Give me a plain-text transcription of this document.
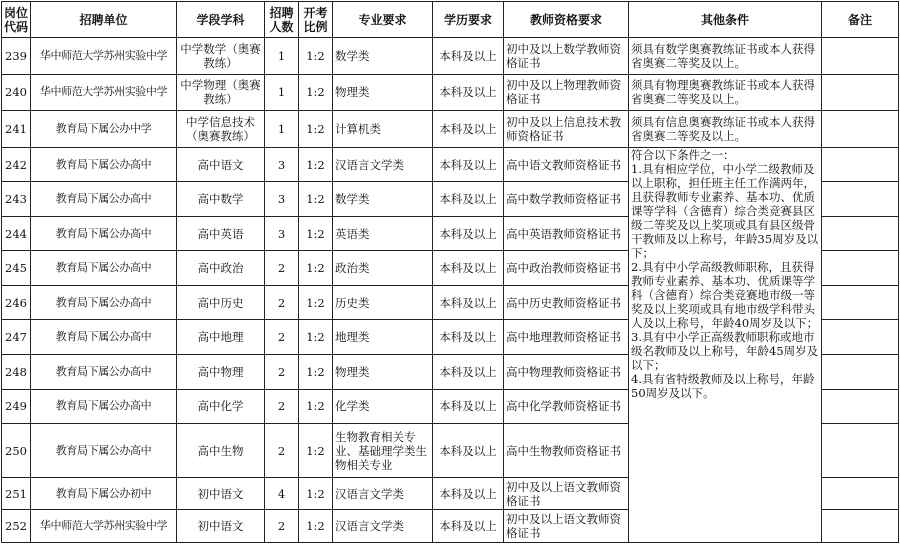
岗位代码	招聘单位	学段学科	招聘人数	开考比例	专业要求	学历要求	教师资格要求	其他条件	备注
239	华中师范大学苏州实验中学	中学数学（奥赛教练）	1	1:2	数学类	本科及以上	初中及以上数学教师资格证书	须具有数学奥赛教练证书或本人获得省奥赛二等奖及以上。	
240	华中师范大学苏州实验中学	中学物理（奥赛教练）	1	1:2	物理类	本科及以上	初中及以上物理教师资格证书	须具有物理奥赛教练证书或本人获得省奥赛二等奖及以上。	
241	教育局下属公办中学	中学信息技术（奥赛教练）	1	1:2	计算机类	本科及以上	初中及以上信息技术教师资格证书	须具有信息奥赛教练证书或本人获得省奥赛二等奖及以上。	
242	教育局下属公办高中	高中语文	3	1:2	汉语言文学类	本科及以上	高中语文教师资格证书	符合以下条件之一：
1.具有相应学位，中小学二级教师及以上职称，担任班主任工作满两年，且获得教师专业素养、基本功、优质课等学科（含德育）综合类竞赛县区级二等奖及以上奖项或具有县区级骨干教师及以上称号，年龄35周岁及以下；
2.具有中小学高级教师职称，且获得教师专业素养、基本功、优质课等学科（含德育）综合类竞赛地市级一等奖及以上奖项或具有地市级学科带头人及以上称号，年龄40周岁及以下；
3.具有中小学正高级教师职称或地市级名教师及以上称号，年龄45周岁及以下；
4.具有省特级教师及以上称号，年龄50周岁及以下。	
243	教育局下属公办高中	高中数学	3	1:2	数学类	本科及以上	高中数学教师资格证书		
244	教育局下属公办高中	高中英语	3	1:2	英语类	本科及以上	高中英语教师资格证书		
245	教育局下属公办高中	高中政治	2	1:2	政治类	本科及以上	高中政治教师资格证书		
246	教育局下属公办高中	高中历史	2	1:2	历史类	本科及以上	高中历史教师资格证书		
247	教育局下属公办高中	高中地理	2	1:2	地理类	本科及以上	高中地理教师资格证书		
248	教育局下属公办高中	高中物理	2	1:2	物理类	本科及以上	高中物理教师资格证书		
249	教育局下属公办高中	高中化学	2	1:2	化学类	本科及以上	高中化学教师资格证书		
250	教育局下属公办高中	高中生物	2	1:2	生物教育相关专业、基础理学类生物相关专业	本科及以上	高中生物教师资格证书		
251	教育局下属公办初中	初中语文	4	1:2	汉语言文学类	本科及以上	初中及以上语文教师资格证书		
252	华中师范大学苏州实验中学	初中语文	2	1:2	汉语言文学类	本科及以上	初中及以上语文教师资格证书		
